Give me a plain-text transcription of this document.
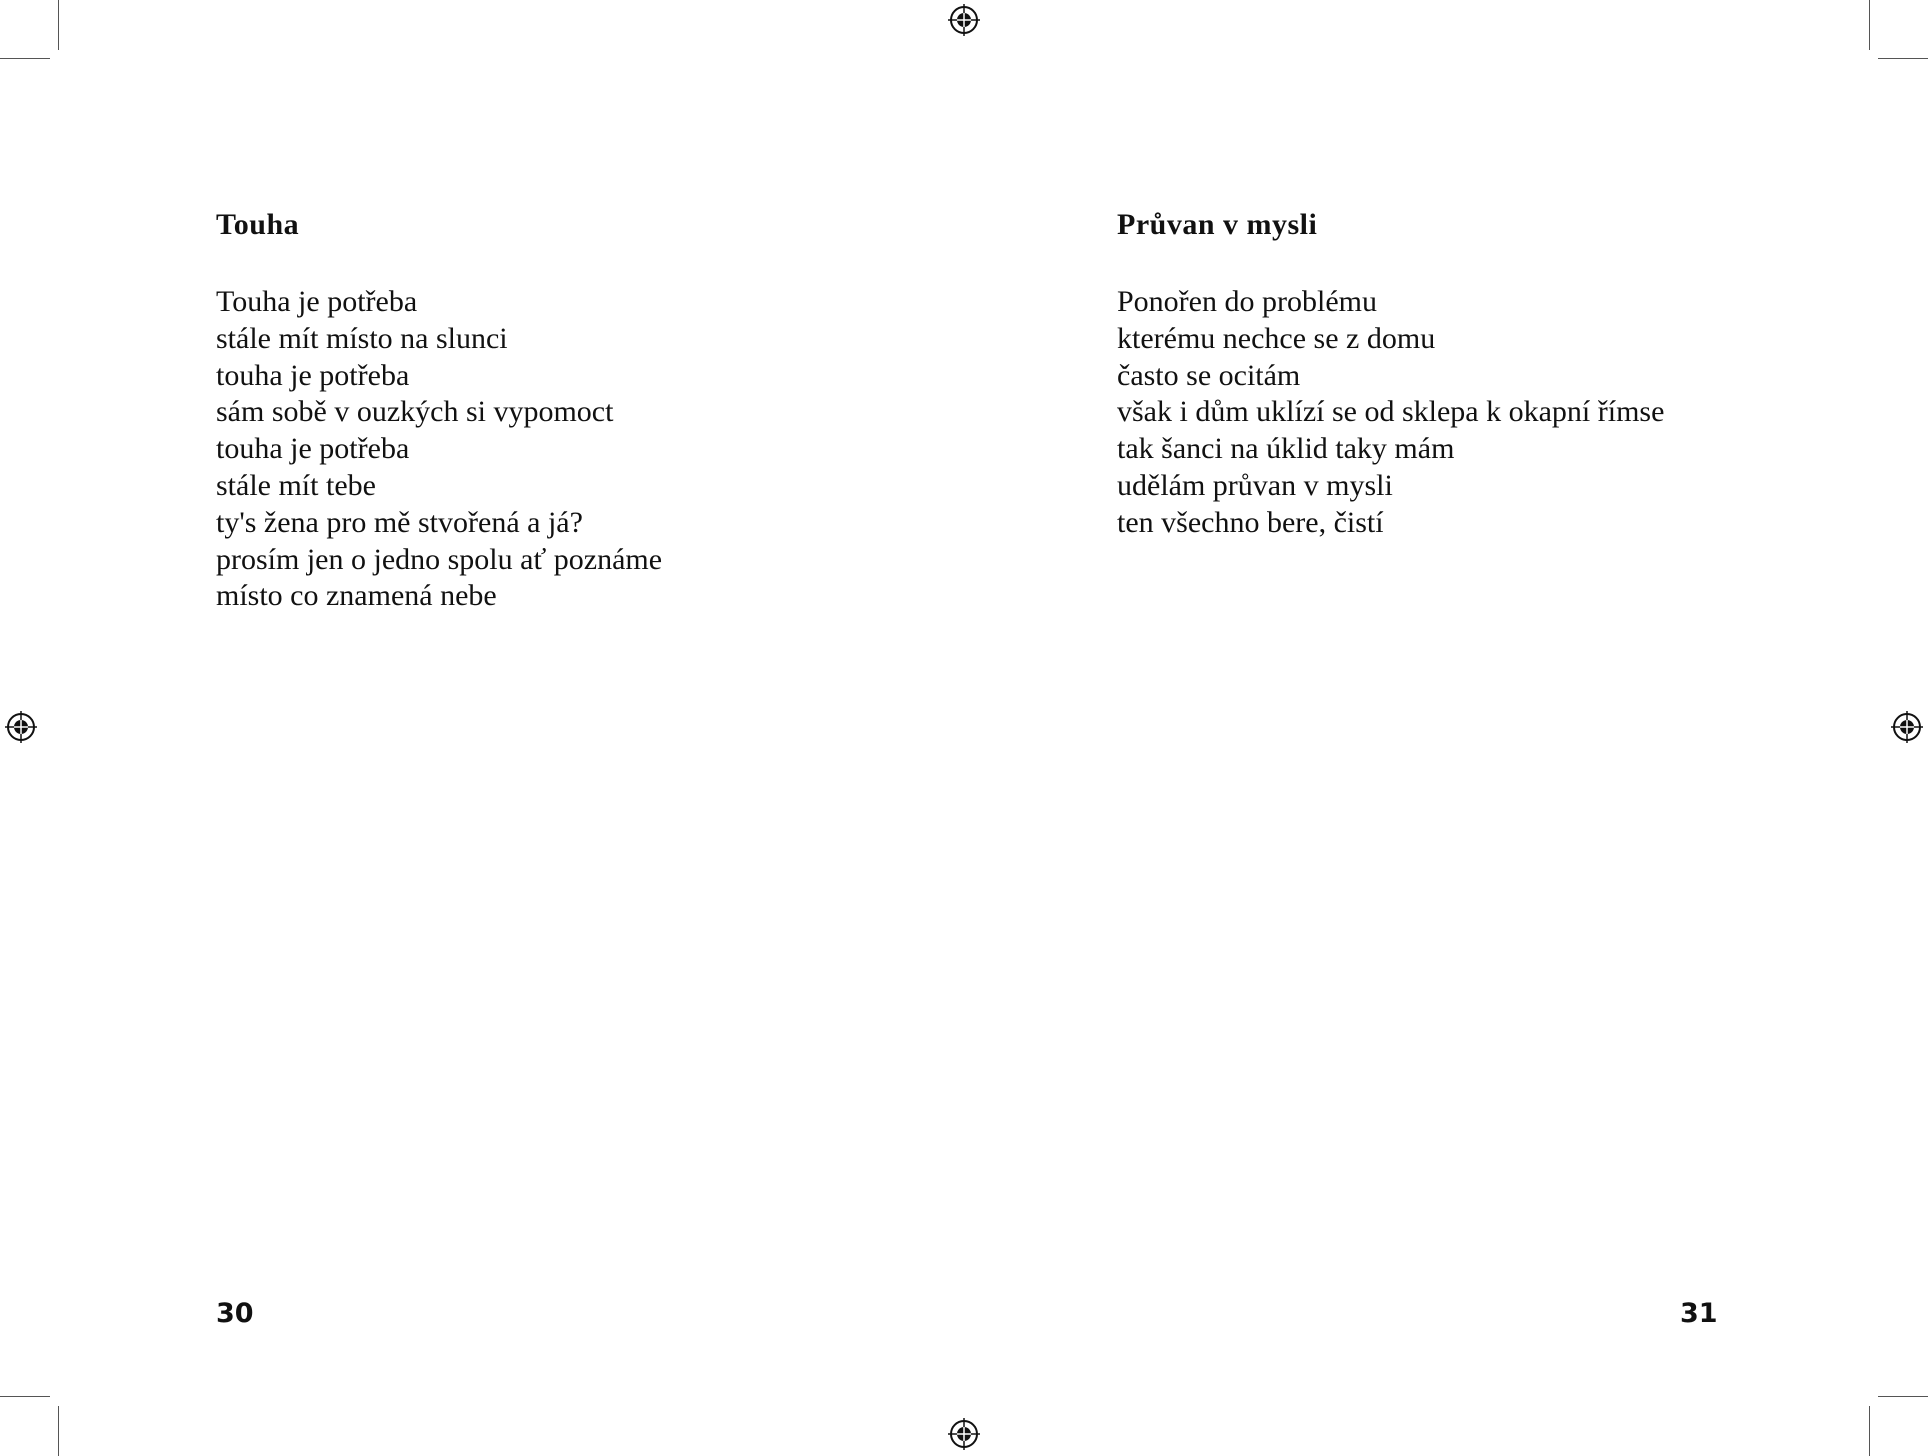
Touha
Touha je potřeba
stále mít místo na slunci
touha je potřeba
sám sobě v ouzkých si vypomoct
touha je potřeba
stále mít tebe
ty's žena pro mě stvořená a já?
prosím jen o jedno spolu ať poznáme
místo co znamená nebe
30
Průvan v mysli
Ponořen do problému
kterému nechce se z domu
často se ocitám
však i dům uklízí se od sklepa k okapní římse
tak šanci na úklid taky mám
udělám průvan v mysli
ten všechno bere, čistí
31
